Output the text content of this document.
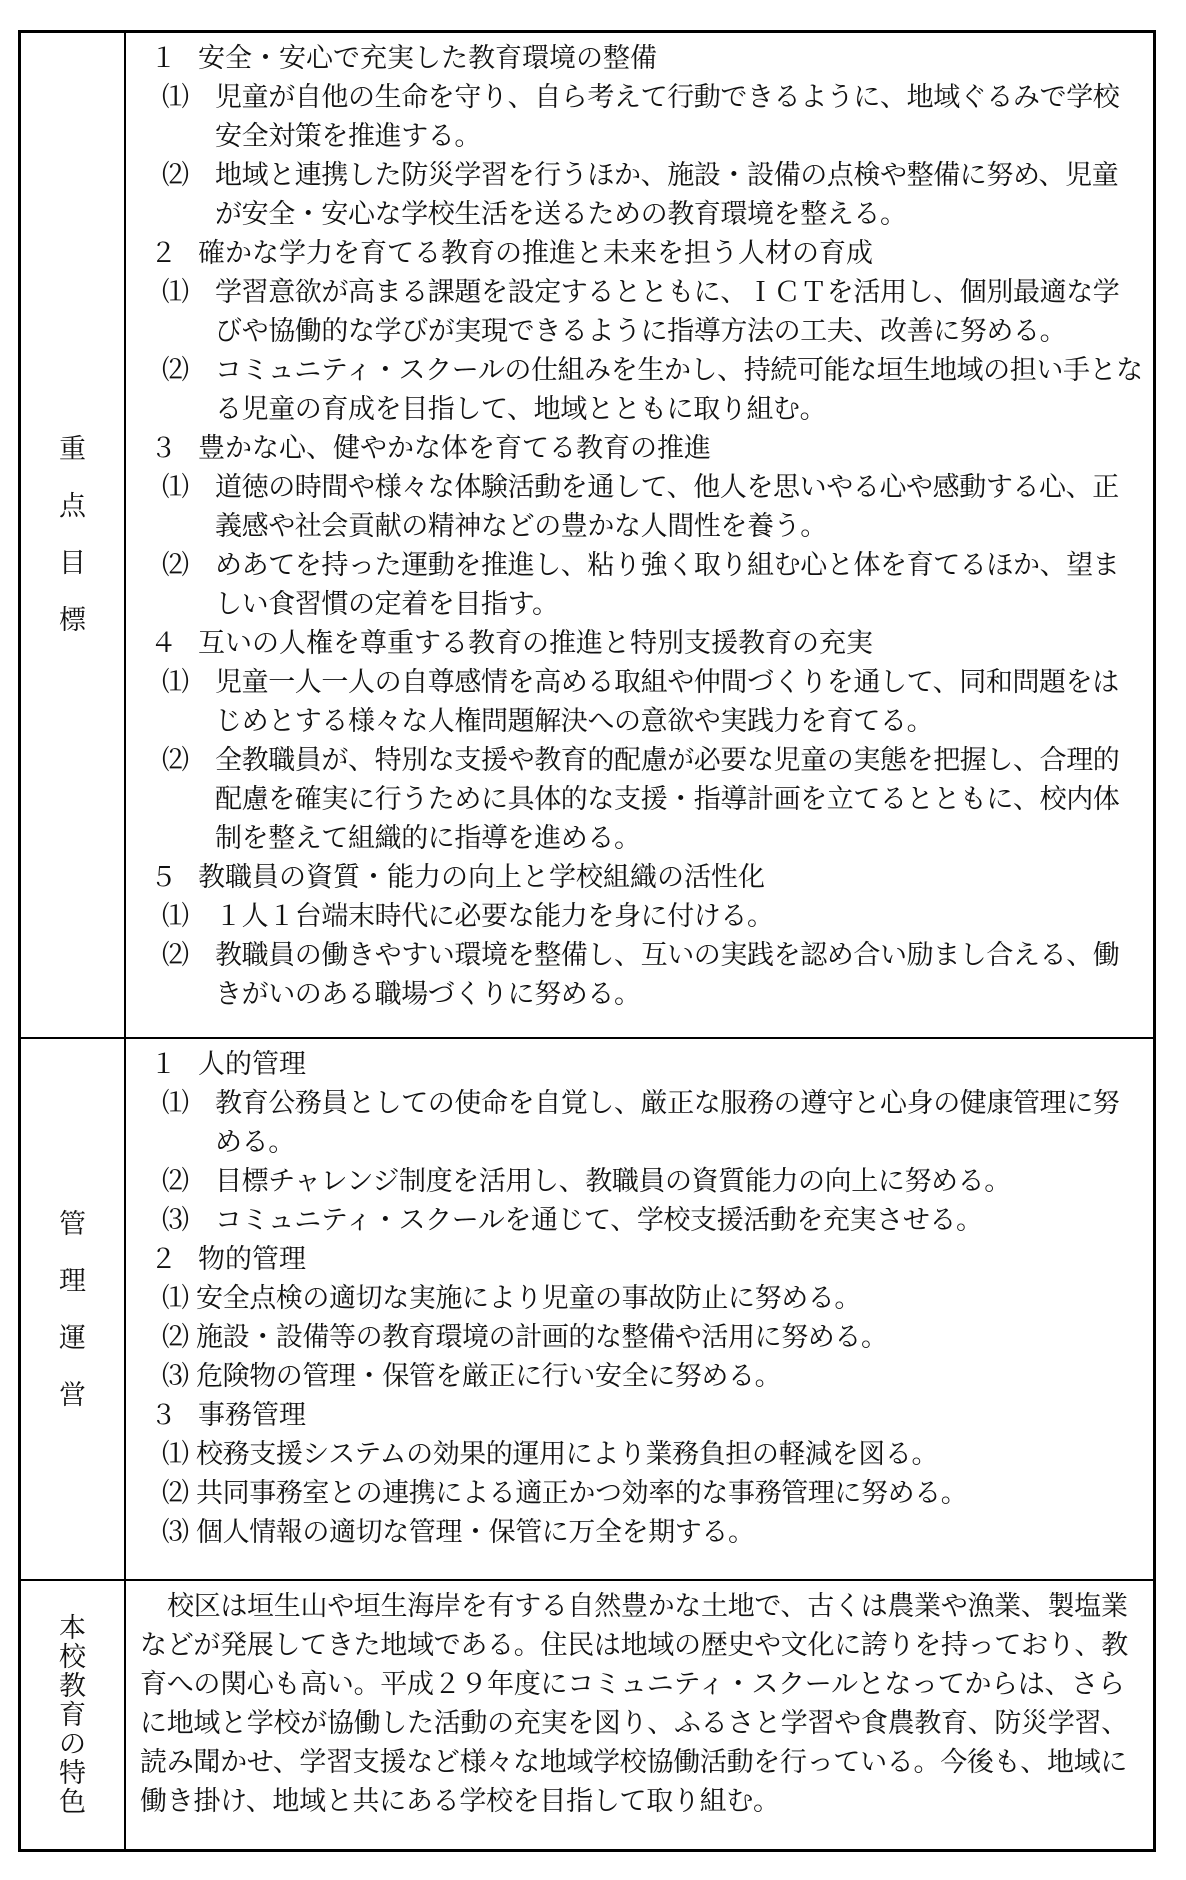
重
点
目
標
１ 安全・安心で充実した教育環境の整備
⑴ 児童が自他の生命を守り、自ら考えて行動できるように、地域ぐるみで学校安全対策を推進する。
⑵ 地域と連携した防災学習を行うほか、施設・設備の点検や整備に努め、児童が安全・安心な学校生活を送るための教育環境を整える。
２ 確かな学力を育てる教育の推進と未来を担う人材の育成
⑴ 学習意欲が高まる課題を設定するとともに、ＩＣＴを活用し、個別最適な学びや協働的な学びが実現できるように指導方法の工夫、改善に努める。
⑵ コミュニティ・スクールの仕組みを生かし、持続可能な垣生地域の担い手となる児童の育成を目指して、地域とともに取り組む。
３ 豊かな心、健やかな体を育てる教育の推進
⑴ 道徳の時間や様々な体験活動を通して、他人を思いやる心や感動する心、正義感や社会貢献の精神などの豊かな人間性を養う。
⑵ めあてを持った運動を推進し、粘り強く取り組む心と体を育てるほか、望ましい食習慣の定着を目指す。
４ 互いの人権を尊重する教育の推進と特別支援教育の充実
⑴ 児童一人一人の自尊感情を高める取組や仲間づくりを通して、同和問題をはじめとする様々な人権問題解決への意欲や実践力を育てる。
⑵ 全教職員が、特別な支援や教育的配慮が必要な児童の実態を把握し、合理的配慮を確実に行うために具体的な支援・指導計画を立てるとともに、校内体制を整えて組織的に指導を進める。
５ 教職員の資質・能力の向上と学校組織の活性化
⑴ １人１台端末時代に必要な能力を身に付ける。
⑵ 教職員の働きやすい環境を整備し、互いの実践を認め合い励まし合える、働きがいのある職場づくりに努める。
管
理
運
営
１ 人的管理
⑴ 教育公務員としての使命を自覚し、厳正な服務の遵守と心身の健康管理に努める。
⑵ 目標チャレンジ制度を活用し、教職員の資質能力の向上に努める。
⑶ コミュニティ・スクールを通じて、学校支援活動を充実させる。
２ 物的管理
⑴ 安全点検の適切な実施により児童の事故防止に努める。
⑵ 施設・設備等の教育環境の計画的な整備や活用に努める。
⑶ 危険物の管理・保管を厳正に行い安全に努める。
３ 事務管理
⑴ 校務支援システムの効果的運用により業務負担の軽減を図る。
⑵ 共同事務室との連携による適正かつ効率的な事務管理に努める。
⑶ 個人情報の適切な管理・保管に万全を期する。
本
校
教
育
の
特
色
校区は垣生山や垣生海岸を有する自然豊かな土地で、古くは農業や漁業、製塩業などが発展してきた地域である。住民は地域の歴史や文化に誇りを持っており、教育への関心も高い。平成２９年度にコミュニティ・スクールとなってからは、さらに地域と学校が協働した活動の充実を図り、ふるさと学習や食農教育、防災学習、読み聞かせ、学習支援など様々な地域学校協働活動を行っている。今後も、地域に働き掛け、地域と共にある学校を目指して取り組む。
